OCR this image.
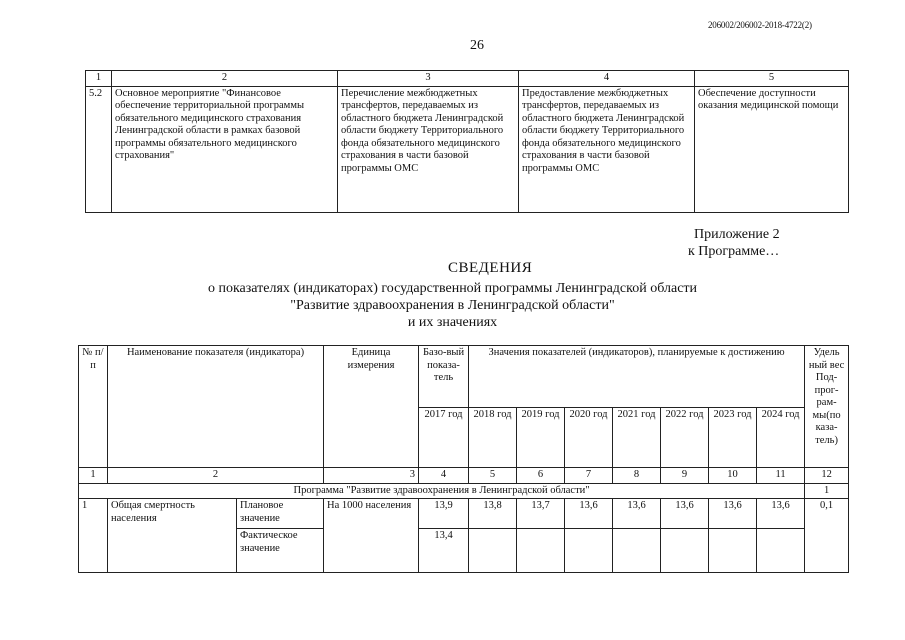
206002/206002-2018-4722(2)
26
1	2	3	4	5
5.2	Основное мероприятие "Финансовое обеспечение территориальной программы обязательного медицинского страхования Ленинградской области в рамках базовой программы обязательного медицинского страхования"	Перечисление межбюджетных трансфертов, передаваемых из областного бюджета Ленинградской области бюджету Территориального фонда обязательного медицинского страхования в части базовой программы ОМС	Предоставление межбюджетных трансфертов, передаваемых из областного бюджета Ленинградской области бюджету Территориального фонда обязательного медицинского страхования в части базовой программы ОМС	Обеспечение доступности оказания медицинской помощи
Приложение 2
к Программе…
СВЕДЕНИЯ
о показателях (индикаторах) государственной программы Ленинградской области
"Развитие здравоохранения в Ленинградской области"
и их значениях
№ п/п	Наименование показателя (индикатора)		Единица измерения	Базо-вый показа-тель	Значения показателей (индикаторов), планируемые к достижению							Удель ный вес Под-прог-рам-мы(по каза-тель)
				2017 год	2018 год	2019 год	2020 год	2021 год	2022 год	2023 год	2024 год	
1	2		3	4	5	6	7	8	9	10	11	12
Программа "Развитие здравоохранения в Ленинградской области"												1
1	Общая смертность населения	Плановое значение	На 1000 населения	13,9	13,8	13,7	13,6	13,6	13,6	13,6	13,6	0,1
		Фактическое значение		13,4								
